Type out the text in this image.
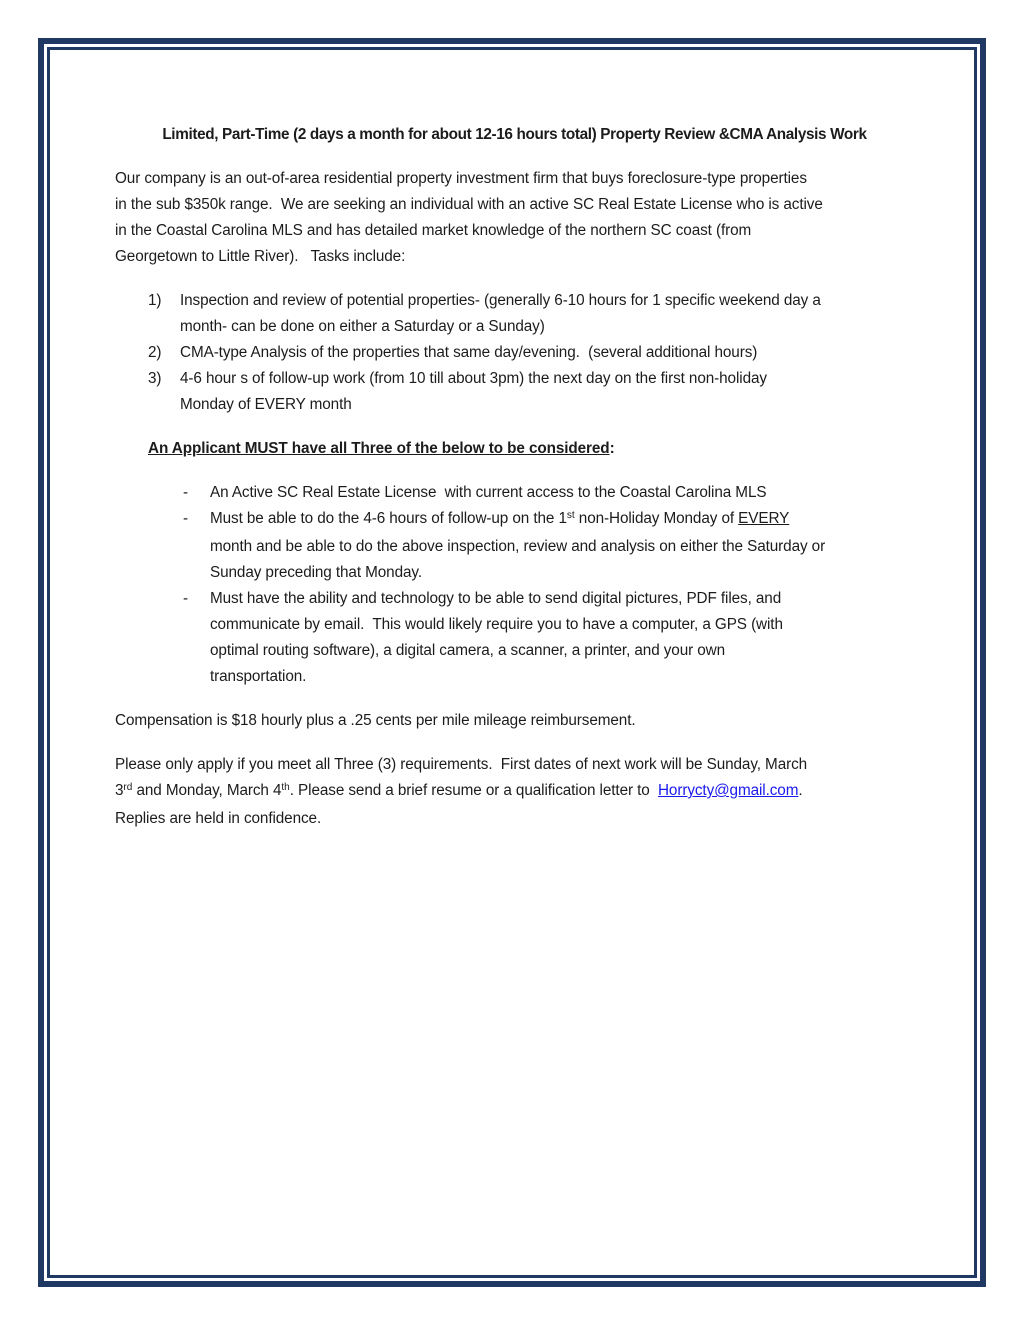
Limited, Part-Time (2 days a month for about 12-16 hours total) Property Review &CMA Analysis Work
Our company is an out-of-area residential property investment firm that buys foreclosure-type properties
in the sub $350k range.  We are seeking an individual with an active SC Real Estate License who is active
in the Coastal Carolina MLS and has detailed market knowledge of the northern SC coast (from
Georgetown to Little River).   Tasks include:
1) Inspection and review of potential properties- (generally 6-10 hours for 1 specific weekend day a
month- can be done on either a Saturday or a Sunday)
2) CMA-type Analysis of the properties that same day/evening.  (several additional hours)
3) 4-6 hour s of follow-up work (from 10 till about 3pm) the next day on the first non-holiday
Monday of EVERY month
An Applicant MUST have all Three of the below to be considered:
- An Active SC Real Estate License  with current access to the Coastal Carolina MLS
- Must be able to do the 4-6 hours of follow-up on the 1st non-Holiday Monday of EVERY
month and be able to do the above inspection, review and analysis on either the Saturday or
Sunday preceding that Monday.
- Must have the ability and technology to be able to send digital pictures, PDF files, and
communicate by email.  This would likely require you to have a computer, a GPS (with
optimal routing software), a digital camera, a scanner, a printer, and your own
transportation.
Compensation is $18 hourly plus a .25 cents per mile mileage reimbursement.
Please only apply if you meet all Three (3) requirements.  First dates of next work will be Sunday, March
3rd and Monday, March 4th. Please send a brief resume or a qualification letter to  Horrycty@gmail.com.
Replies are held in confidence.
